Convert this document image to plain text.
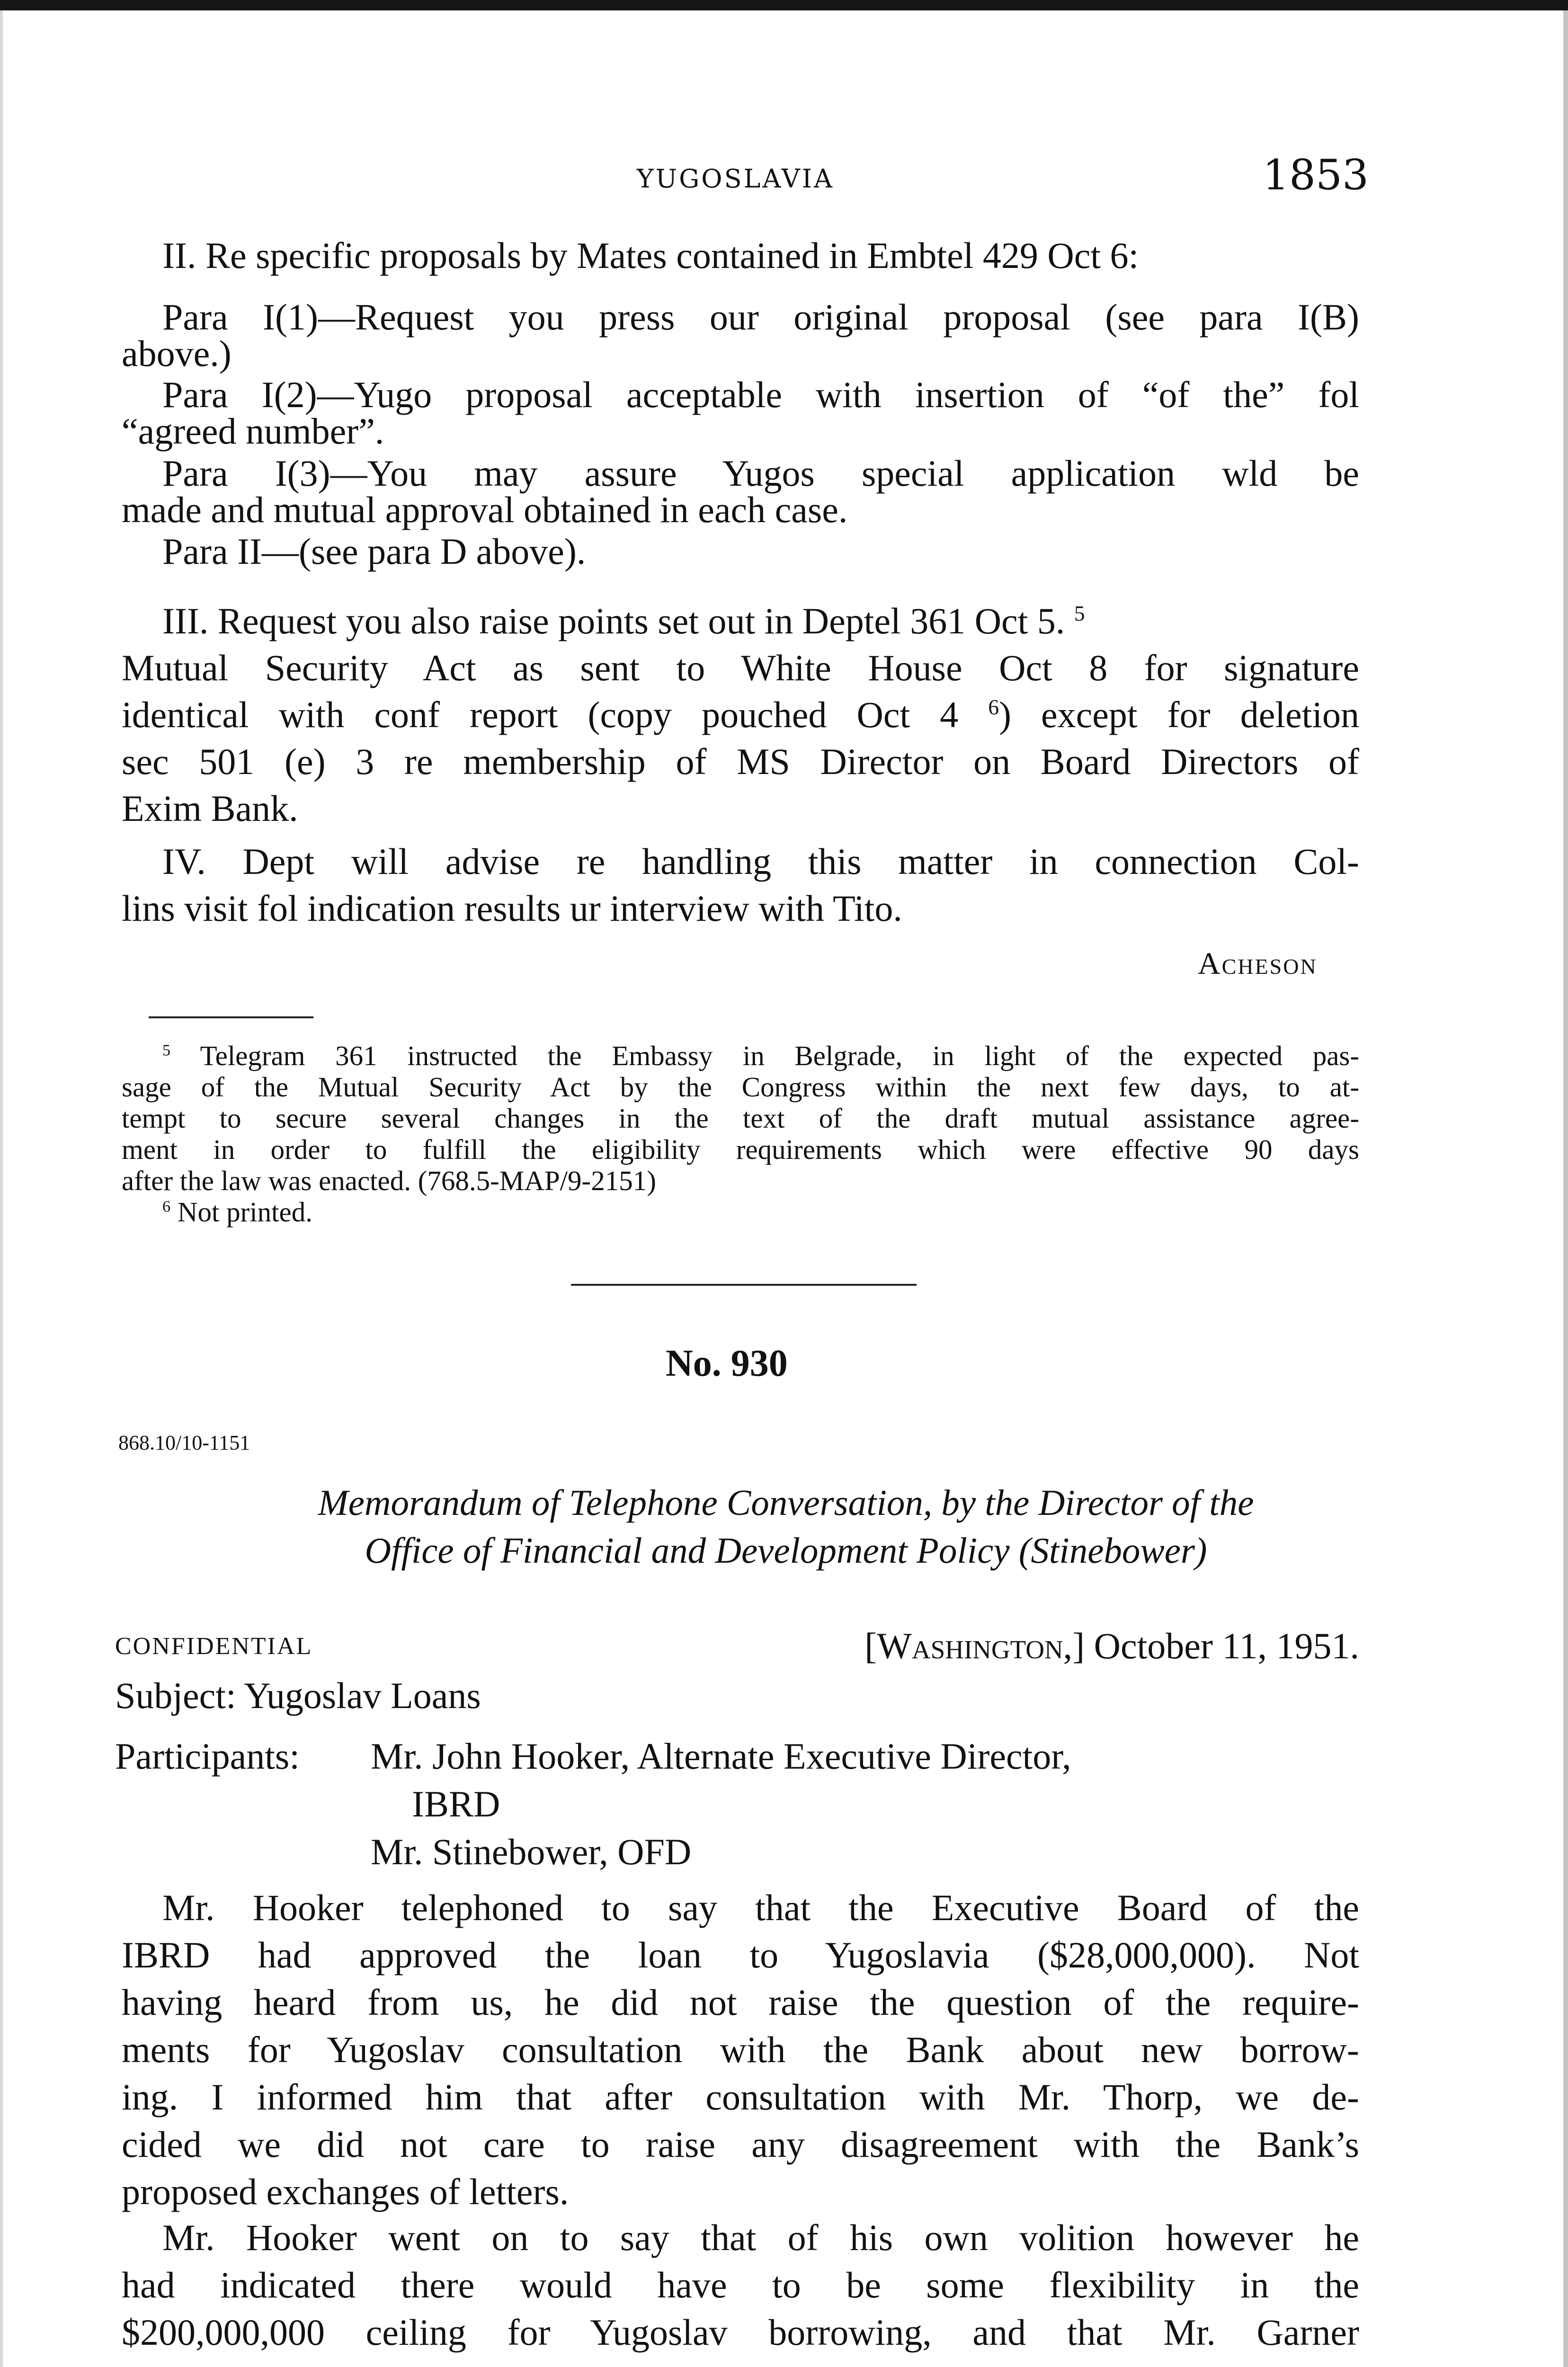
YUGOSLAVIA	1853
II. Re specific proposals by Mates contained in Embtel 429 Oct 6:
Para I(1)—Request you press our original proposal (see para I(B)
above.)
Para I(2)—Yugo proposal acceptable with insertion of “of the” fol
“agreed number”.
Para I(3)—You may assure Yugos special application wld be
made and mutual approval obtained in each case.
Para II—(see para D above).
III. Request you also raise points set out in Deptel 361 Oct 5. $^5$
Mutual Security Act as sent to White House Oct 8 for signature
identical with conf report (copy pouched Oct 4 $^6$) except for deletion
sec 501 (e) 3 re membership of MS Director on Board Directors of
Exim Bank.
IV. Dept will advise re handling this matter in connection Col-
lins visit fol indication results ur interview with Tito.
Acheson
$^5$ Telegram 361 instructed the Embassy in Belgrade, in light of the expected pas-
sage of the Mutual Security Act by the Congress within the next few days, to at-
tempt to secure several changes in the text of the draft mutual assistance agree-
ment in order to fulfill the eligibility requirements which were effective 90 days
after the law was enacted. (768.5-MAP/9-2151)
$^6$ Not printed.
No. 930
868.10/10-1151
Memorandum of Telephone Conversation, by the Director of the
Office of Financial and Development Policy (Stinebower)
CONFIDENTIAL	[Washington,] October 11, 1951.
Subject: Yugoslav Loans
Participants:	Mr. John Hooker, Alternate Executive Director,
IBRD
Mr. Stinebower, OFD
Mr. Hooker telephoned to say that the Executive Board of the
IBRD had approved the loan to Yugoslavia ($28,000,000). Not
having heard from us, he did not raise the question of the require-
ments for Yugoslav consultation with the Bank about new borrow-
ing. I informed him that after consultation with Mr. Thorp, we de-
cided we did not care to raise any disagreement with the Bank’s
proposed exchanges of letters.
Mr. Hooker went on to say that of his own volition however he
had indicated there would have to be some flexibility in the
$200,000,000 ceiling for Yugoslav borrowing, and that Mr. Garner
